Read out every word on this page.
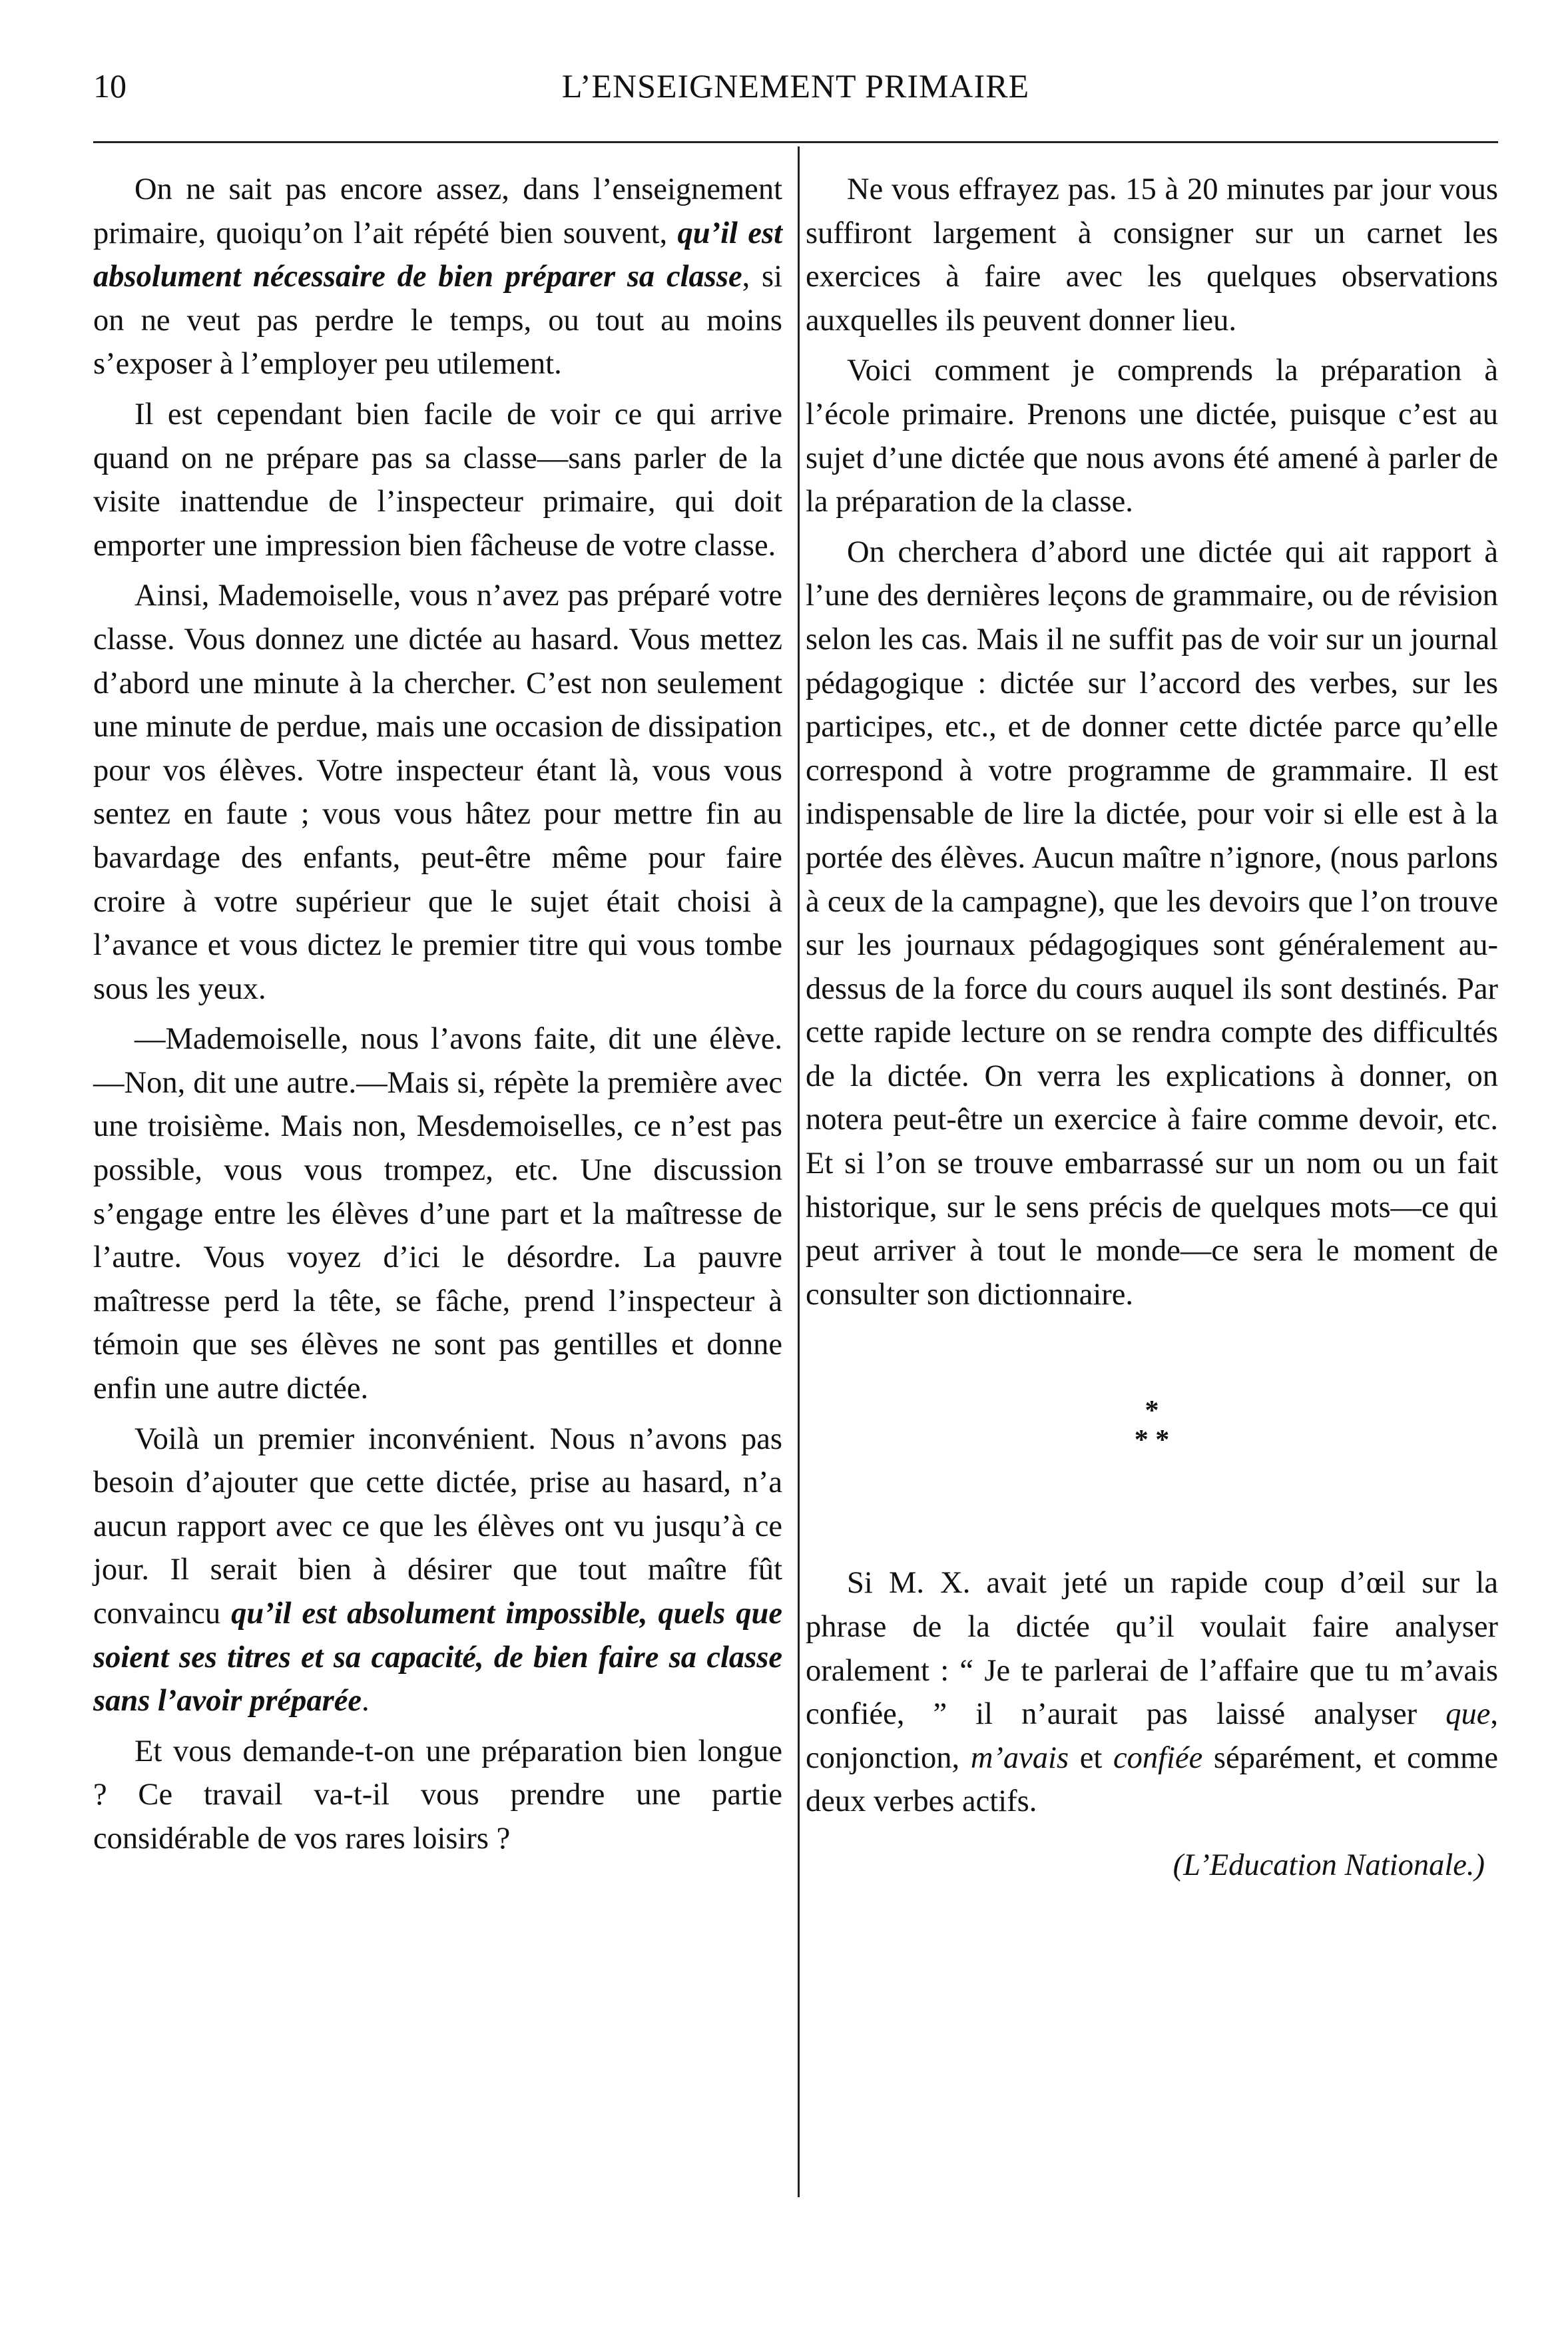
10	L’ENSEIGNEMENT PRIMAIRE

On ne sait pas encore assez, dans l’enseignement primaire, quoiqu’on l’ait répété bien souvent, qu’il est absolument nécessaire de bien préparer sa classe, si on ne veut pas perdre le temps, ou tout au moins s’exposer à l’employer peu utilement.

Il est cependant bien facile de voir ce qui arrive quand on ne prépare pas sa classe—sans parler de la visite inattendue de l’inspecteur primaire, qui doit emporter une impression bien fâcheuse de votre classe.

Ainsi, Mademoiselle, vous n’avez pas préparé votre classe. Vous donnez une dictée au hasard. Vous mettez d’abord une minute à la chercher. C’est non seulement une minute de perdue, mais une occasion de dissipation pour vos élèves. Votre inspecteur étant là, vous vous sentez en faute ; vous vous hâtez pour mettre fin au bavardage des enfants, peut-être même pour faire croire à votre supérieur que le sujet était choisi à l’avance et vous dictez le premier titre qui vous tombe sous les yeux.

—Mademoiselle, nous l’avons faite, dit une élève.—Non, dit une autre.—Mais si, répète la première avec une troisième. Mais non, Mesdemoiselles, ce n’est pas possible, vous vous trompez, etc. Une discussion s’engage entre les élèves d’une part et la maîtresse de l’autre. Vous voyez d’ici le désordre. La pauvre maîtresse perd la tête, se fâche, prend l’inspecteur à témoin que ses élèves ne sont pas gentilles et donne enfin une autre dictée.

Voilà un premier inconvénient. Nous n’avons pas besoin d’ajouter que cette dictée, prise au hasard, n’a aucun rapport avec ce que les élèves ont vu jusqu’à ce jour. Il serait bien à désirer que tout maître fût convaincu qu’il est absolument impossible, quels que soient ses titres et sa capacité, de bien faire sa classe sans l’avoir préparée.

Et vous demande-t-on une préparation bien longue ? Ce travail va-t-il vous prendre une partie considérable de vos rares loisirs ?

Ne vous effrayez pas. 15 à 20 minutes par jour vous suffiront largement à consigner sur un carnet les exercices à faire avec les quelques observations auxquelles ils peuvent donner lieu.

Voici comment je comprends la préparation à l’école primaire. Prenons une dictée, puisque c’est au sujet d’une dictée que nous avons été amené à parler de la préparation de la classe.

On cherchera d’abord une dictée qui ait rapport à l’une des dernières leçons de grammaire, ou de révision selon les cas. Mais il ne suffit pas de voir sur un journal pédagogique : dictée sur l’accord des verbes, sur les participes, etc., et de donner cette dictée parce qu’elle correspond à votre programme de grammaire. Il est indispensable de lire la dictée, pour voir si elle est à la portée des élèves. Aucun maître n’ignore, (nous parlons à ceux de la campagne), que les devoirs que l’on trouve sur les journaux pédagogiques sont généralement au-dessus de la force du cours auquel ils sont destinés. Par cette rapide lecture on se rendra compte des difficultés de la dictée. On verra les explications à donner, on notera peut-être un exercice à faire comme devoir, etc. Et si l’on se trouve embarrassé sur un nom ou un fait historique, sur le sens précis de quelques mots—ce qui peut arriver à tout le monde—ce sera le moment de consulter son dictionnaire.

*
* *

Si M. X. avait jeté un rapide coup d’œil sur la phrase de la dictée qu’il voulait faire analyser oralement : “ Je te parlerai de l’affaire que tu m’avais confiée, ” il n’aurait pas laissé analyser que, conjonction, m’avais et confiée séparément, et comme deux verbes actifs.

(L’Education Nationale.)
